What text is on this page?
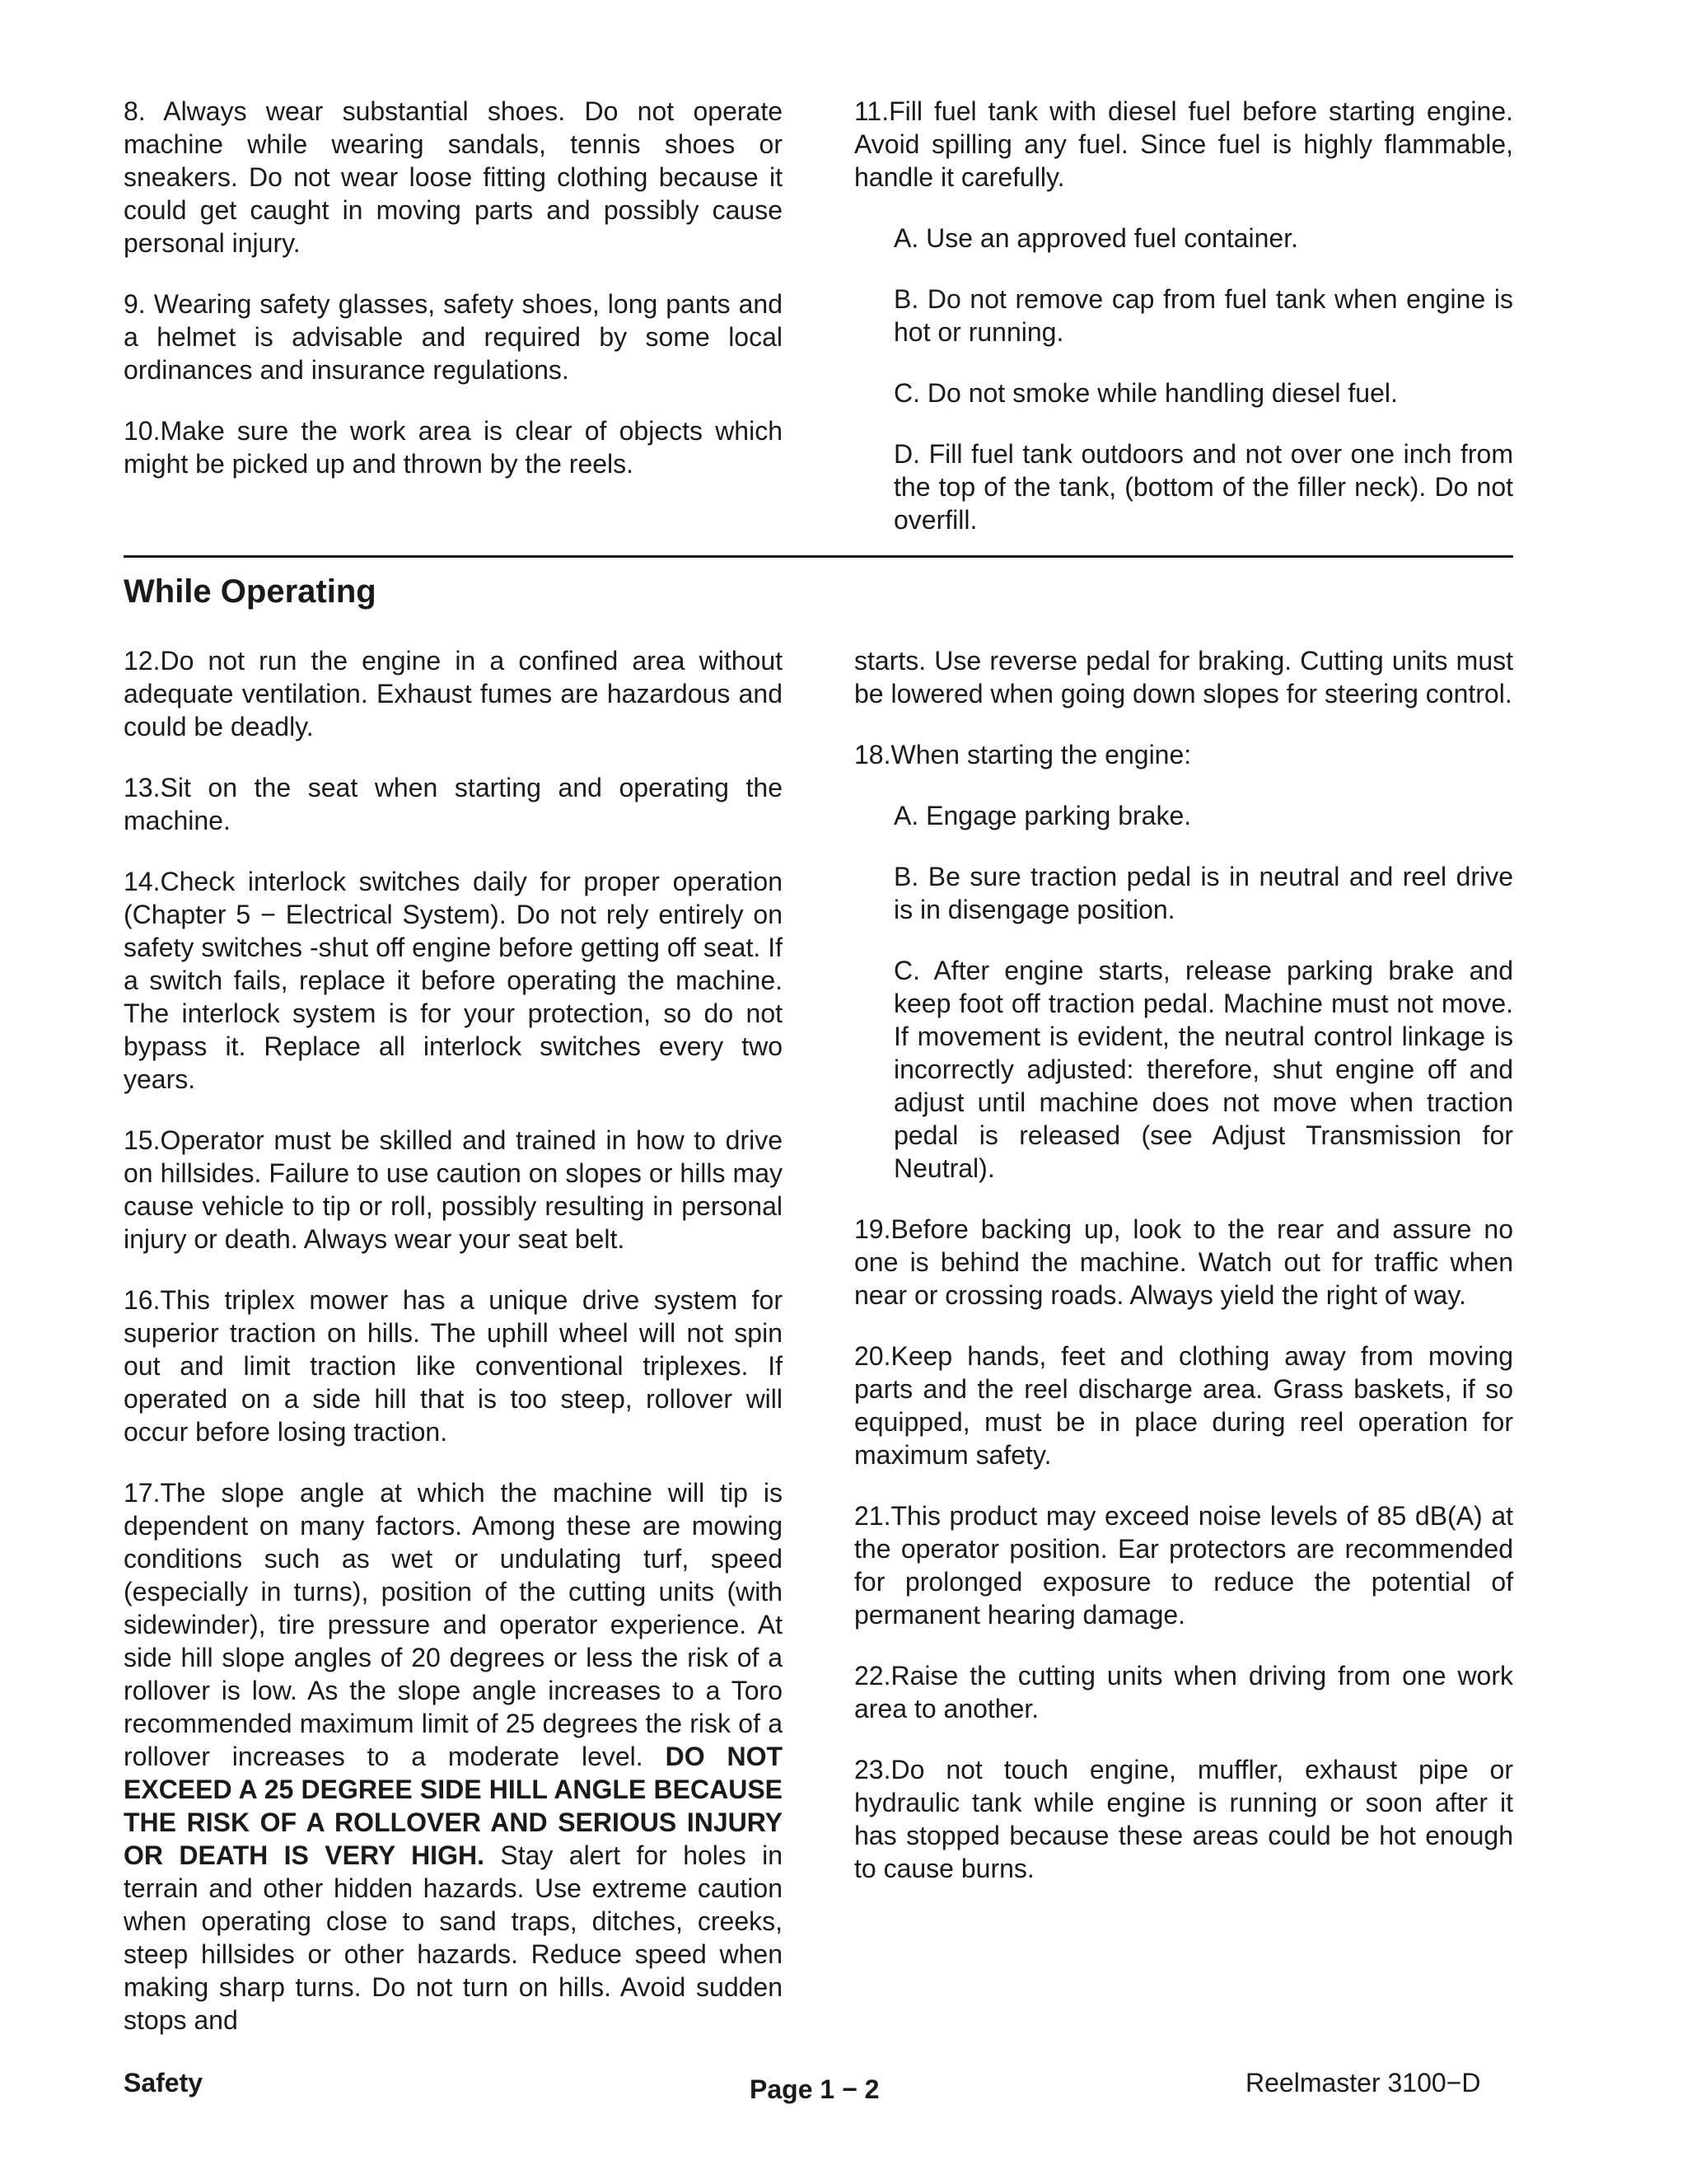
8. Always wear substantial shoes. Do not operate machine while wearing sandals, tennis shoes or sneakers. Do not wear loose fitting clothing because it could get caught in moving parts and possibly cause personal injury.

9. Wearing safety glasses, safety shoes, long pants and a helmet is advisable and required by some local ordinances and insurance regulations.

10.Make sure the work area is clear of objects which might be picked up and thrown by the reels.

11.Fill fuel tank with diesel fuel before starting engine. Avoid spilling any fuel. Since fuel is highly flammable, handle it carefully.

A. Use an approved fuel container.

B. Do not remove cap from fuel tank when engine is hot or running.

C. Do not smoke while handling diesel fuel.

D. Fill fuel tank outdoors and not over one inch from the top of the tank, (bottom of the filler neck). Do not overfill.

While Operating

12.Do not run the engine in a confined area without adequate ventilation. Exhaust fumes are hazardous and could be deadly.

13.Sit on the seat when starting and operating the machine.

14.Check interlock switches daily for proper operation (Chapter 5 − Electrical System). Do not rely entirely on safety switches -shut off engine before getting off seat. If a switch fails, replace it before operating the machine. The interlock system is for your protection, so do not bypass it. Replace all interlock switches every two years.

15.Operator must be skilled and trained in how to drive on hillsides. Failure to use caution on slopes or hills may cause vehicle to tip or roll, possibly resulting in personal injury or death. Always wear your seat belt.

16.This triplex mower has a unique drive system for superior traction on hills. The uphill wheel will not spin out and limit traction like conventional triplexes. If operated on a side hill that is too steep, rollover will occur before losing traction.

17.The slope angle at which the machine will tip is dependent on many factors. Among these are mowing conditions such as wet or undulating turf, speed (especially in turns), position of the cutting units (with sidewinder), tire pressure and operator experience. At side hill slope angles of 20 degrees or less the risk of a rollover is low. As the slope angle increases to a Toro recommended maximum limit of 25 degrees the risk of a rollover increases to a moderate level. DO NOT EXCEED A 25 DEGREE SIDE HILL ANGLE BECAUSE THE RISK OF A ROLLOVER AND SERIOUS INJURY OR DEATH IS VERY HIGH. Stay alert for holes in terrain and other hidden hazards. Use extreme caution when operating close to sand traps, ditches, creeks, steep hillsides or other hazards. Reduce speed when making sharp turns. Do not turn on hills. Avoid sudden stops and

starts. Use reverse pedal for braking. Cutting units must be lowered when going down slopes for steering control.

18.When starting the engine:

A. Engage parking brake.

B. Be sure traction pedal is in neutral and reel drive is in disengage position.

C. After engine starts, release parking brake and keep foot off traction pedal. Machine must not move. If movement is evident, the neutral control linkage is incorrectly adjusted: therefore, shut engine off and adjust until machine does not move when traction pedal is released (see Adjust Transmission for Neutral).

19.Before backing up, look to the rear and assure no one is behind the machine. Watch out for traffic when near or crossing roads. Always yield the right of way.

20.Keep hands, feet and clothing away from moving parts and the reel discharge area. Grass baskets, if so equipped, must be in place during reel operation for maximum safety.

21.This product may exceed noise levels of 85 dB(A) at the operator position. Ear protectors are recommended for prolonged exposure to reduce the potential of permanent hearing damage.

22.Raise the cutting units when driving from one work area to another.

23.Do not touch engine, muffler, exhaust pipe or hydraulic tank while engine is running or soon after it has stopped because these areas could be hot enough to cause burns.

Safety	Page 1 − 2	Reelmaster 3100−D
